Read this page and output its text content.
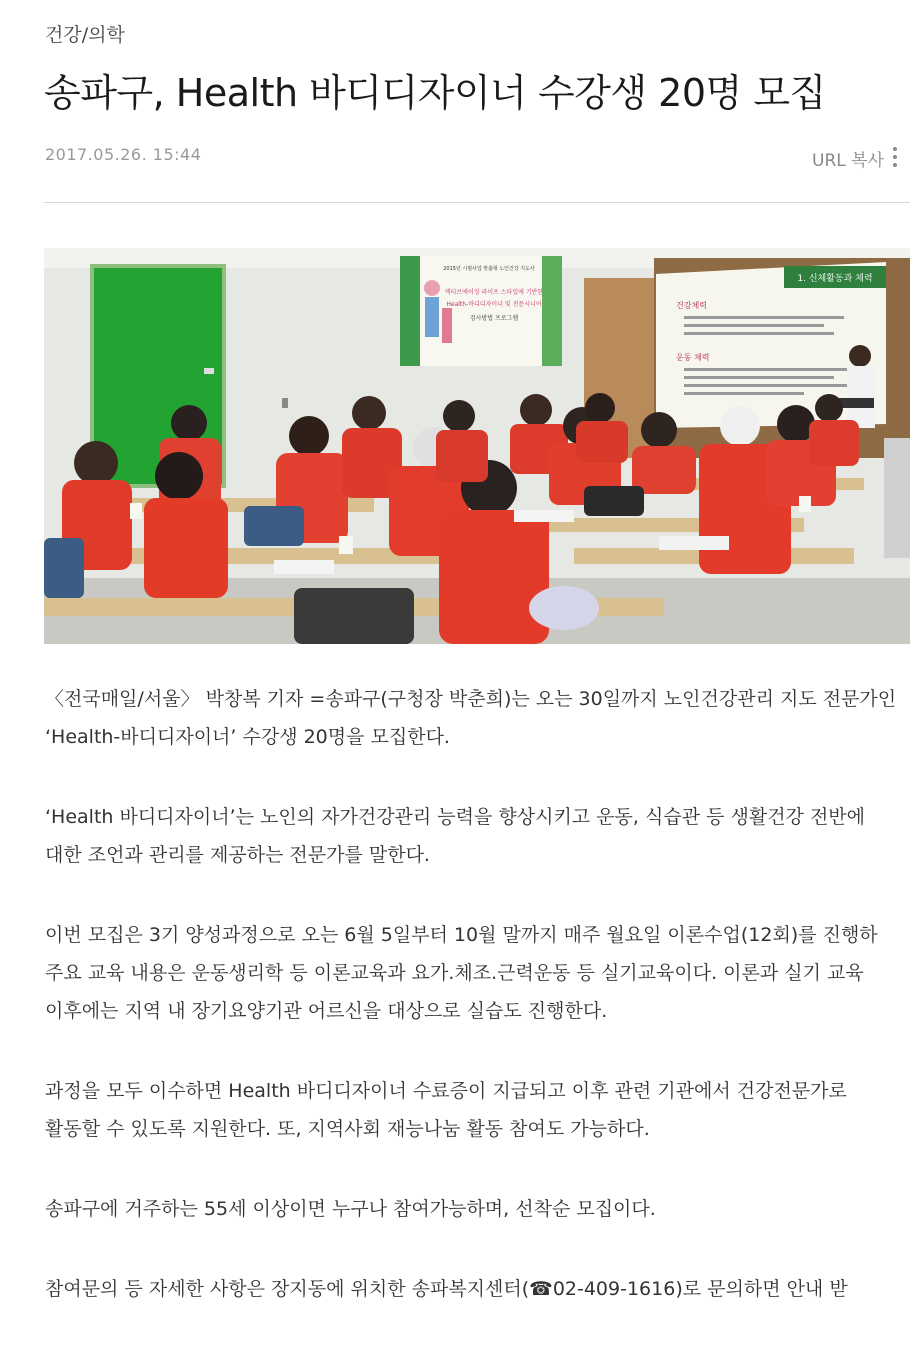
건강/의학
송파구, Health 바디디자이너 수강생 20명 모집
2017.05.26. 15:44	URL 복사
2015년 시범사업 맞춤형 노인건강 지도사
액티브에이징 라이프 스타일에 기반한
Health-바디디자이너 및 전문시니어
검사방법 프로그램
1. 신체활동과 체력
건강체력
운동 체력

〈전국매일/서울〉 박창복 기자 =송파구(구청장 박춘희)는 오는 30일까지 노인건강관리 지도 전문가인 ‘Health-바디디자이너’ 수강생 20명을 모집한다.

‘Health 바디디자이너’는 노인의 자가건강관리 능력을 향상시키고 운동, 식습관 등 생활건강 전반에 대한 조언과 관리를 제공하는 전문가를 말한다.

이번 모집은 3기 양성과정으로 오는 6월 5일부터 10월 말까지 매주 월요일 이론수업(12회)를 진행하 주요 교육 내용은 운동생리학 등 이론교육과 요가.체조.근력운동 등 실기교육이다. 이론과 실기 교육 이후에는 지역 내 장기요양기관 어르신을 대상으로 실습도 진행한다.

과정을 모두 이수하면 Health 바디디자이너 수료증이 지급되고 이후 관련 기관에서 건강전문가로 활동할 수 있도록 지원한다. 또, 지역사회 재능나눔 활동 참여도 가능하다.

송파구에 거주하는 55세 이상이면 누구나 참여가능하며, 선착순 모집이다.

참여문의 등 자세한 사항은 장지동에 위치한 송파복지센터(☎02-409-1616)로 문의하면 안내 받
